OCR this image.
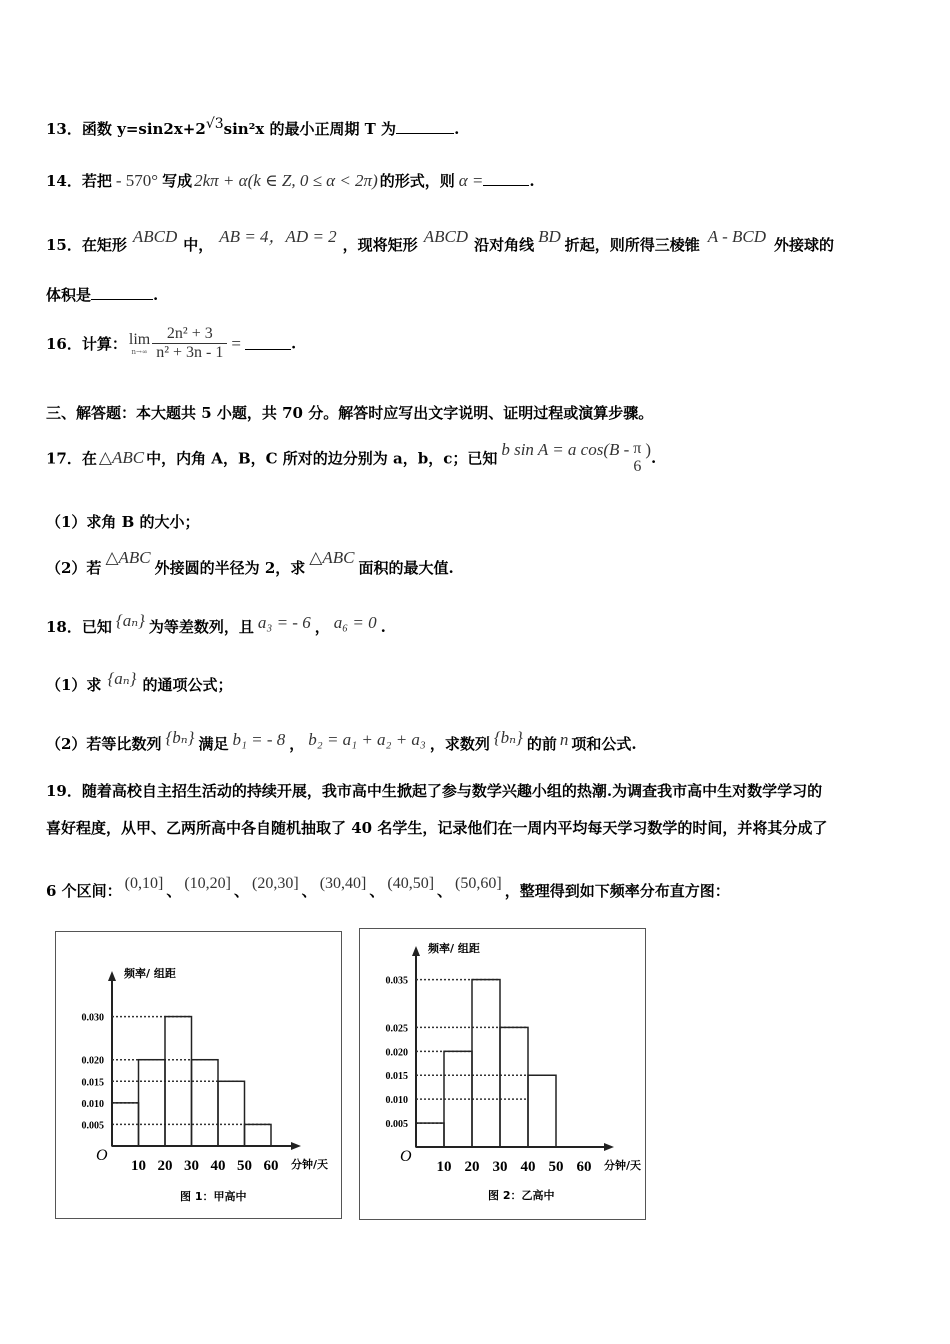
13．函数 y=sin2x+2√3sin²x 的最小正周期 T 为	.
14．若把 - 570° 写成 2kπ + α(k ∈ Z, 0 ≤ α < 2π) 的形式，则 α =	.
15．在矩形 ABCD 中， AB = 4，AD = 2 ，现将矩形 ABCD 沿对角线 BD 折起，则所得三棱锥 A - BCD 外接球的
体积是	.
16．计算： lim
$n\to\infty \frac{\text{2n² + 3}}{\text{n² + 3n - 1}}$ =	.
三、解答题：本大题共 5 小题，共 70 分。解答时应写出文字说明、证明过程或演算步骤。
17．在 △ABC 中，内角 A，B，C 所对的边分别为 a，b，c；已知 b sin A = a cos(B - π
6
).
（1）求角 B 的大小；
（2）若△ABC外接圆的半径为 2，求△ABC面积的最大值.
18．已知 {aₙ} 为等差数列，且 a₃ = - 6 ， a₆ = 0 .
（1）求 {aₙ} 的通项公式；
（2）若等比数列 {bₙ} 满足 b₁ = - 8 ， b₂ = a₁ + a₂ + a₃ ，求数列 {bₙ} 的前 n 项和公式.
19．随着高校自主招生活动的持续开展，我市高中生掀起了参与数学兴趣小组的热潮.为调查我市高中生对数学学习的
喜好程度，从甲、乙两所高中各自随机抽取了 40 名学生，记录他们在一周内平均每天学习数学的时间，并将其分成了
6 个区间： (0,10] 、 (10,20] 、 (20,30] 、 (30,40] 、 (40,50] 、 (50,60] ，整理得到如下频率分布直方图：
频率/ 组距
0.030
0.020
0.015
0.010
0.005
10 20 30 40 50 60
O
分钟/天
图 1：甲高中
频率/ 组距
0.035
0.025
0.020
0.015
0.010
0.005
10 20 30 40 50 60
O
分钟/天
图 2：乙高中
